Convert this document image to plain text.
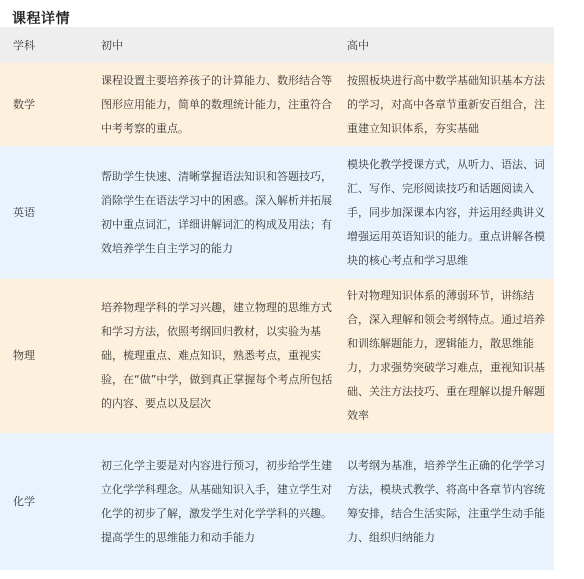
课程详情
学科	初中	高中
数学	课程设置主要培养孩子的计算能力、数形结合等图形应用能力，简单的数理统计能力，注重符合中考考察的重点。	按照板块进行高中数学基础知识基本方法的学习，对高中各章节重新安百组合，注重建立知识体系，夯实基础

英语	帮助学生快速、清晰掌握语法知识和答题技巧，消除学生在语法学习中的困惑。深入解析并拓展初中重点词汇，详细讲解词汇的构成及用法；有效培养学生自主学习的能力	模块化教学授课方式，从听力、语法、词汇、写作、完形阅读技巧和话题阅读入手，同步加深课本内容，并运用经典讲义增强运用英语知识的能力。重点讲解各模块的核心考点和学习思维

物理	培养物理学科的学习兴趣，建立物理的思维方式和学习方法，依照考纲回归教材，以实验为基础，梳理重点、难点知识，熟悉考点，重视实验，在“做”中学，做到真正掌握每个考点所包括的内容、要点以及层次	针对物理知识体系的薄弱环节，讲练结合，深入理解和领会考纲特点。通过培养和训练解题能力，逻辑能力，散思维能力，力求强势突破学习难点，重视知识基础、关注方法技巧、重在理解以提升解题效率

化学	初三化学主要是对内容进行预习，初步给学生建立化学学科理念。从基础知识入手，建立学生对化学的初步了解，激发学生对化学学科的兴趣。提高学生的思维能力和动手能力	以考纲为基准，培养学生正确的化学学习方法，模块式教学、将高中各章节内容统筹安排，结合生活实际，注重学生动手能力、组织归纳能力
